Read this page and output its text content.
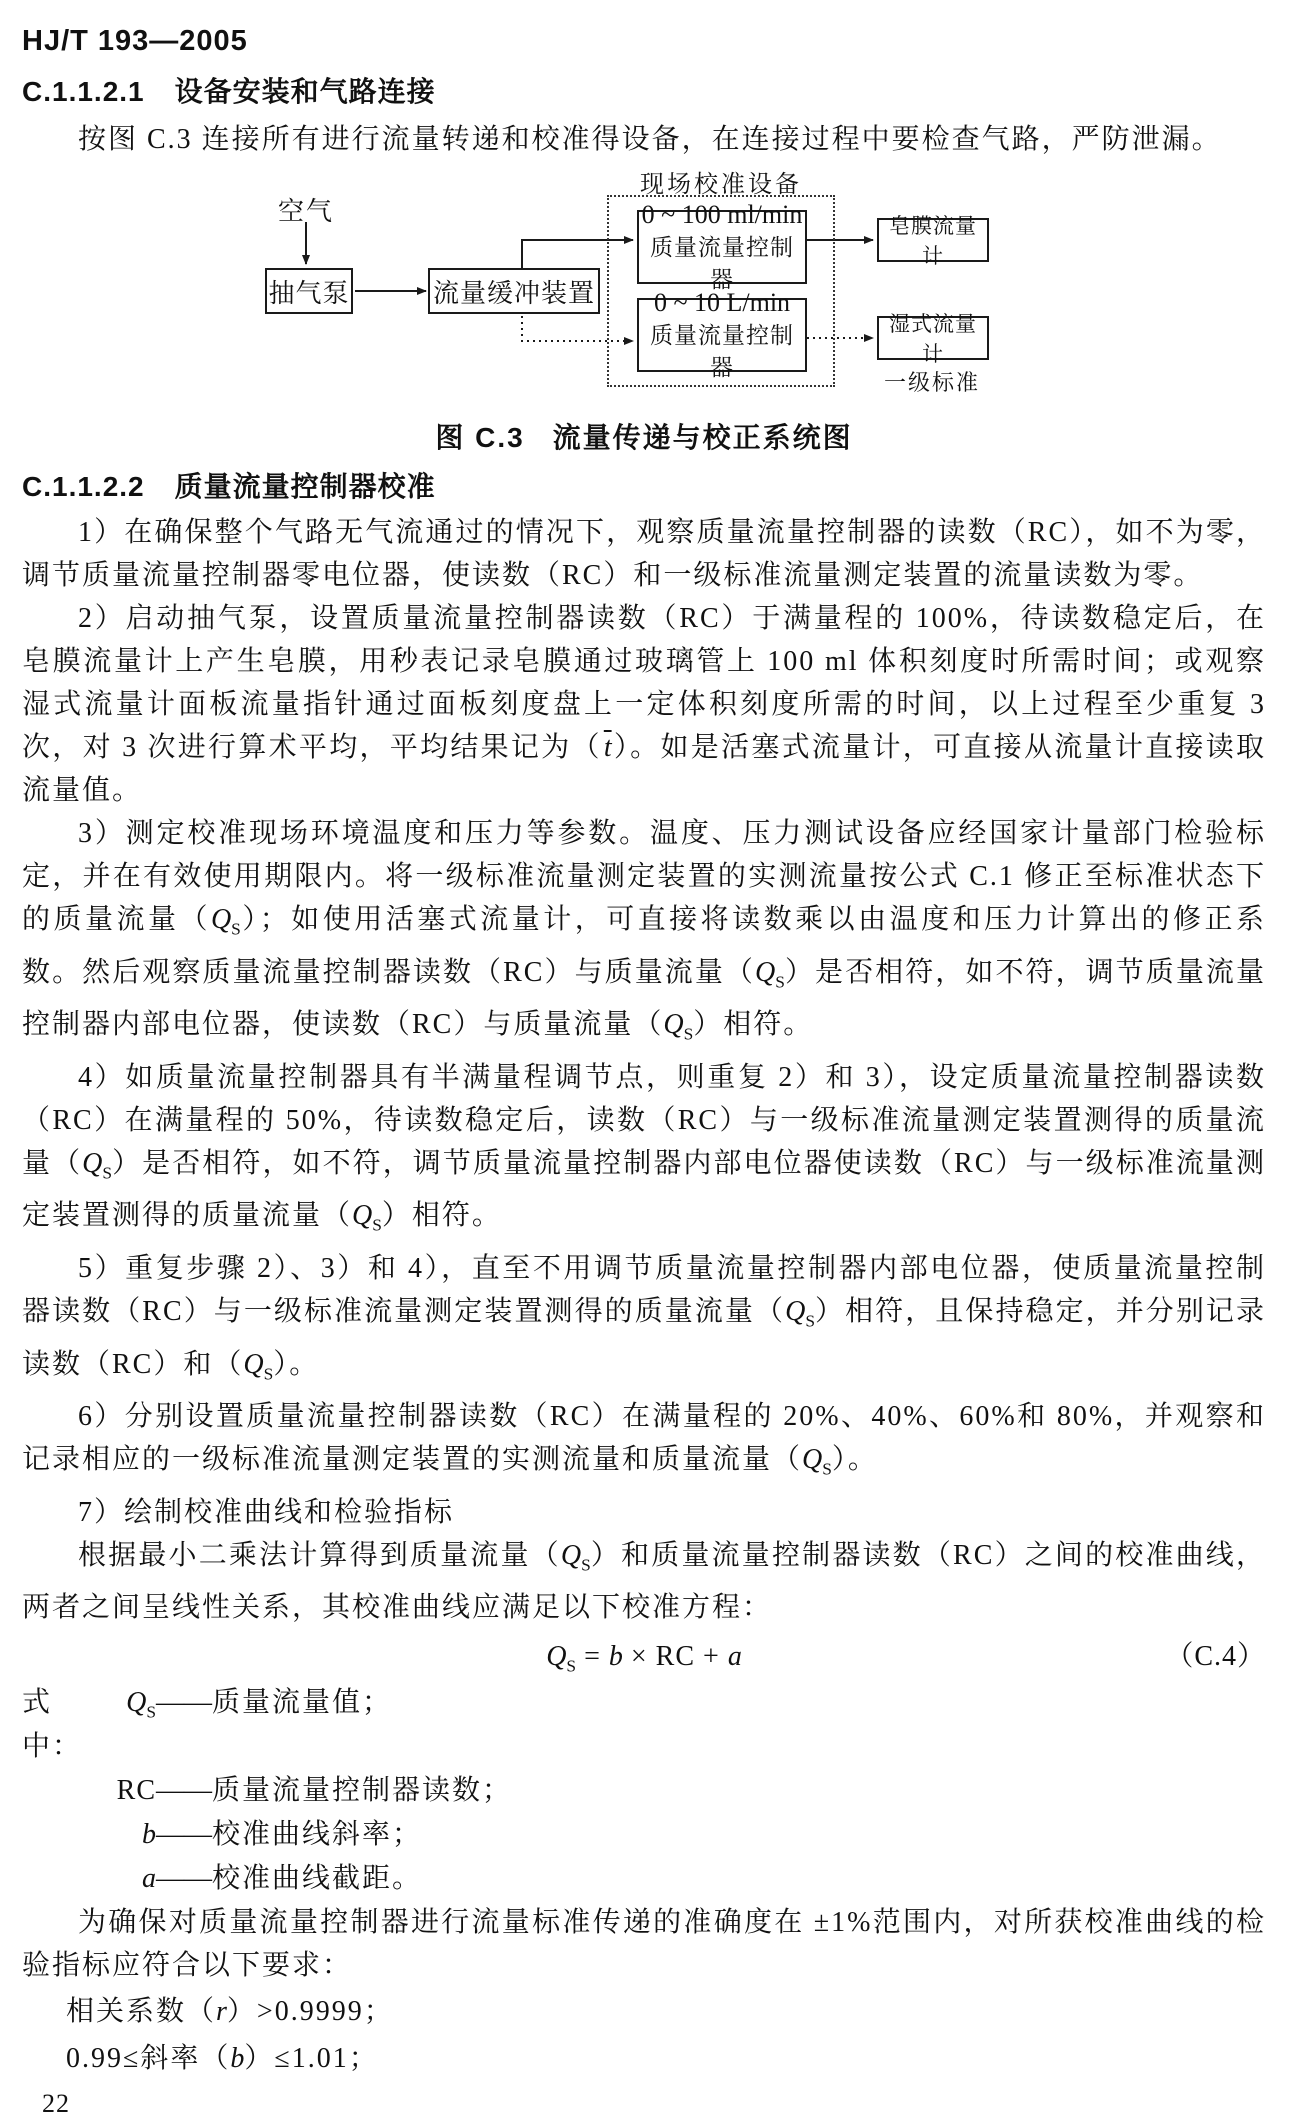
HJ/T 193—2005
C.1.1.2.1 设备安装和气路连接

按图 C.3 连接所有进行流量转递和校准得设备，在连接过程中要检查气路，严防泄漏。

空气
抽气泵	流量缓冲装置
现场校准设备
0 ~ 100 ml/min
质量流量控制器
0 ~ 10 L/min
质量流量控制器
皂膜流量计
湿式流量计
一级标准
图 C.3 流量传递与校正系统图
C.1.1.2.2 质量流量控制器校准

1）在确保整个气路无气流通过的情况下，观察质量流量控制器的读数（RC），如不为零，调节质量流量控制器零电位器，使读数（RC）和一级标准流量测定装置的流量读数为零。

2）启动抽气泵，设置质量流量控制器读数（RC）于满量程的 100%，待读数稳定后，在皂膜流量计上产生皂膜，用秒表记录皂膜通过玻璃管上 100 ml 体积刻度时所需时间；或观察湿式流量计面板流量指针通过面板刻度盘上一定体积刻度所需的时间，以上过程至少重复 3 次，对 3 次进行算术平均，平均结果记为$(\overline{t})$。如是活塞式流量计，可直接从流量计直接读取流量值。

3）测定校准现场环境温度和压力等参数。温度、压力测试设备应经国家计量部门检验标定，并在有效使用期限内。将一级标准流量测定装置的实测流量按公式 C.1 修正至标准状态下的质量流量$(Q_S)$；如使用活塞式流量计，可直接将读数乘以由温度和压力计算出的修正系数。然后观察质量流量控制器读数（RC）与质量流量$(Q_S)$是否相符，如不符，调节质量流量控制器内部电位器，使读数（RC）与质量流量$(Q_S)$相符。

4）如质量流量控制器具有半满量程调节点，则重复 2）和 3），设定质量流量控制器读数（RC）在满量程的 50%，待读数稳定后，读数（RC）与一级标准流量测定装置测得的质量流量$(Q_S)$是否相符，如不符，调节质量流量控制器内部电位器使读数（RC）与一级标准流量测定装置测得的质量流量$(Q_S)$相符。

5）重复步骤 2）、3）和 4），直至不用调节质量流量控制器内部电位器，使质量流量控制器读数（RC）与一级标准流量测定装置测得的质量流量$(Q_S)$相符，且保持稳定，并分别记录读数（RC）和$(Q_S)$。

6）分别设置质量流量控制器读数（RC）在满量程的 20%、40%、60%和 80%，并观察和记录相应的一级标准流量测定装置的实测流量和质量流量$(Q_S)$。

7）绘制校准曲线和检验指标

根据最小二乘法计算得到质量流量$(Q_S)$和质量流量控制器读数（RC）之间的校准曲线，两者之间呈线性关系，其校准曲线应满足以下校准方程：

$Q_S = b$ × RC + a	（C.4）
式中：
$Q_S$ —— 质量流量值；
RC —— 质量流量控制器读数；
b —— 校准曲线斜率；
a —— 校准曲线截距。

为确保对质量流量控制器进行流量标准传递的准确度在 ±1%范围内，对所获校准曲线的检验指标应符合以下要求：

相关系数（r）>0.9999；
0.99≤斜率（b）≤1.01；
22
